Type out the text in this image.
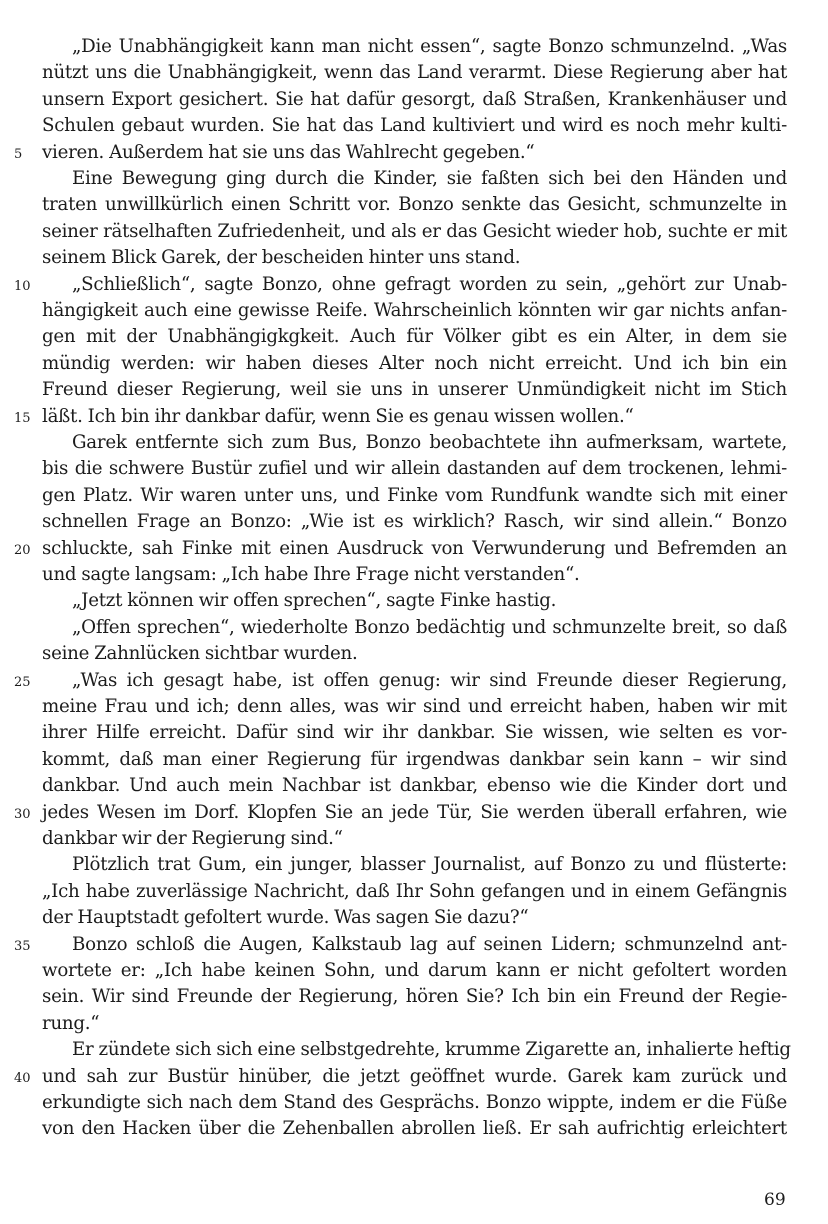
„Die Unabhängigkeit kann man nicht essen“, sagte Bonzo schmunzelnd. „Was
nützt uns die Unabhängigkeit, wenn das Land verarmt. Diese Regierung aber hat
unsern Export gesichert. Sie hat dafür gesorgt, daß Straßen, Krankenhäuser und
Schulen gebaut wurden. Sie hat das Land kultiviert und wird es noch mehr kulti-
vieren. Außerdem hat sie uns das Wahlrecht gegeben.“
Eine Bewegung ging durch die Kinder, sie faßten sich bei den Händen und
traten unwillkürlich einen Schritt vor. Bonzo senkte das Gesicht, schmunzelte in
seiner rätselhaften Zufriedenheit, und als er das Gesicht wieder hob, suchte er mit
seinem Blick Garek, der bescheiden hinter uns stand.
„Schließlich“, sagte Bonzo, ohne gefragt worden zu sein, „gehört zur Unab-
hängigkeit auch eine gewisse Reife. Wahrscheinlich könnten wir gar nichts anfan-
gen mit der Unabhängigkgkeit. Auch für Völker gibt es ein Alter, in dem sie
mündig werden: wir haben dieses Alter noch nicht erreicht. Und ich bin ein
Freund dieser Regierung, weil sie uns in unserer Unmündigkeit nicht im Stich
läßt. Ich bin ihr dankbar dafür, wenn Sie es genau wissen wollen.“
Garek entfernte sich zum Bus, Bonzo beobachtete ihn aufmerksam, wartete,
bis die schwere Bustür zufiel und wir allein dastanden auf dem trockenen, lehmi-
gen Platz. Wir waren unter uns, und Finke vom Rundfunk wandte sich mit einer
schnellen Frage an Bonzo: „Wie ist es wirklich? Rasch, wir sind allein.“ Bonzo
schluckte, sah Finke mit einen Ausdruck von Verwunderung und Befremden an
und sagte langsam: „Ich habe Ihre Frage nicht verstanden“.
„Jetzt können wir offen sprechen“, sagte Finke hastig.
„Offen sprechen“, wiederholte Bonzo bedächtig und schmunzelte breit, so daß
seine Zahnlücken sichtbar wurden.
„Was ich gesagt habe, ist offen genug: wir sind Freunde dieser Regierung,
meine Frau und ich; denn alles, was wir sind und erreicht haben, haben wir mit
ihrer Hilfe erreicht. Dafür sind wir ihr dankbar. Sie wissen, wie selten es vor-
kommt, daß man einer Regierung für irgendwas dankbar sein kann – wir sind
dankbar. Und auch mein Nachbar ist dankbar, ebenso wie die Kinder dort und
jedes Wesen im Dorf. Klopfen Sie an jede Tür, Sie werden überall erfahren, wie
dankbar wir der Regierung sind.“
Plötzlich trat Gum, ein junger, blasser Journalist, auf Bonzo zu und flüsterte:
„Ich habe zuverlässige Nachricht, daß Ihr Sohn gefangen und in einem Gefängnis
der Hauptstadt gefoltert wurde. Was sagen Sie dazu?“
Bonzo schloß die Augen, Kalkstaub lag auf seinen Lidern; schmunzelnd ant-
wortete er: „Ich habe keinen Sohn, und darum kann er nicht gefoltert worden
sein. Wir sind Freunde der Regierung, hören Sie? Ich bin ein Freund der Regie-
rung.“
Er zündete sich sich eine selbstgedrehte, krumme Zigarette an, inhalierte heftig
und sah zur Bustür hinüber, die jetzt geöffnet wurde. Garek kam zurück und
erkundigte sich nach dem Stand des Gesprächs. Bonzo wippte, indem er die Füße
von den Hacken über die Zehenballen abrollen ließ. Er sah aufrichtig erleichtert
5
10
15
20
25
30
35
40
69
